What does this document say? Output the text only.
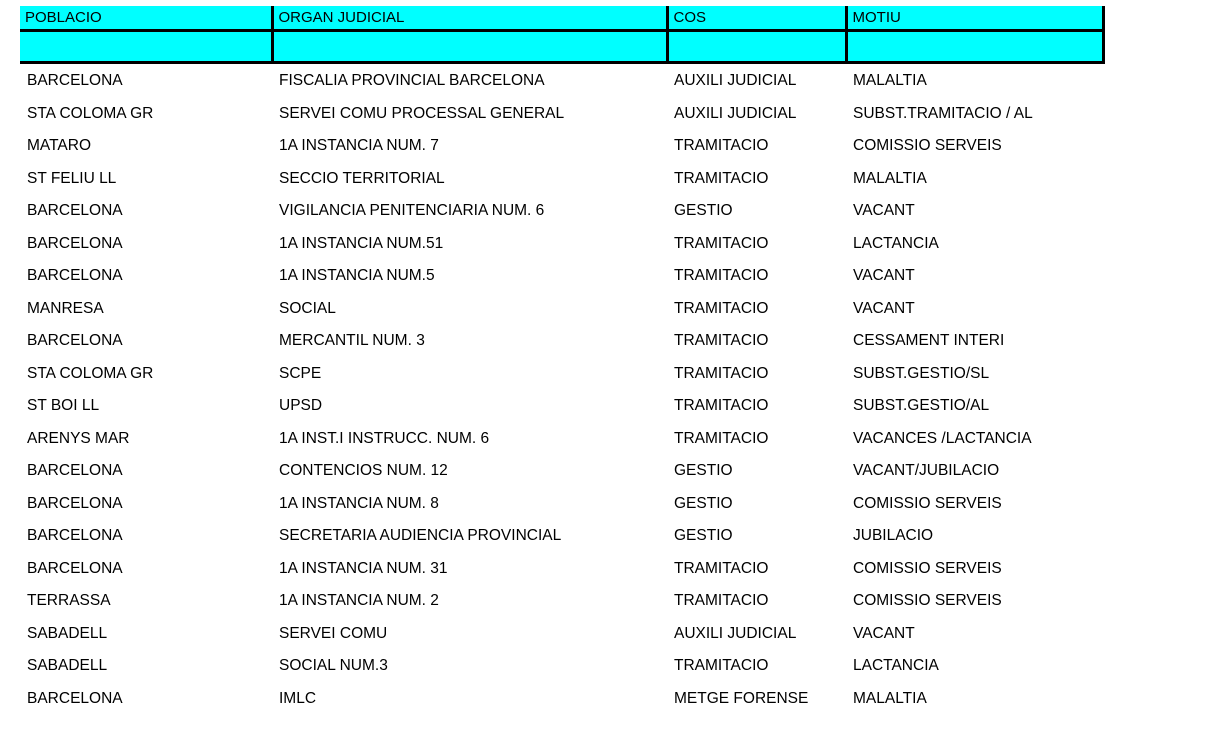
POBLACIO	ORGAN JUDICIAL	COS	MOTIU

BARCELONA	FISCALIA PROVINCIAL BARCELONA	AUXILI JUDICIAL	MALALTIA
STA COLOMA GR	SERVEI COMU PROCESSAL GENERAL	AUXILI JUDICIAL	SUBST.TRAMITACIO / AL
MATARO	1A INSTANCIA NUM. 7	TRAMITACIO	COMISSIO SERVEIS
ST FELIU LL	SECCIO TERRITORIAL	TRAMITACIO	MALALTIA
BARCELONA	VIGILANCIA PENITENCIARIA NUM. 6	GESTIO	VACANT
BARCELONA	1A INSTANCIA NUM.51	TRAMITACIO	LACTANCIA
BARCELONA	1A INSTANCIA NUM.5	TRAMITACIO	VACANT
MANRESA	SOCIAL	TRAMITACIO	VACANT
BARCELONA	MERCANTIL NUM. 3	TRAMITACIO	CESSAMENT INTERI
STA COLOMA GR	SCPE	TRAMITACIO	SUBST.GESTIO/SL
ST BOI LL	UPSD	TRAMITACIO	SUBST.GESTIO/AL
ARENYS MAR	1A INST.I INSTRUCC. NUM. 6	TRAMITACIO	VACANCES /LACTANCIA
BARCELONA	CONTENCIOS NUM. 12	GESTIO	VACANT/JUBILACIO
BARCELONA	1A INSTANCIA NUM. 8	GESTIO	COMISSIO SERVEIS
BARCELONA	SECRETARIA AUDIENCIA PROVINCIAL	GESTIO	JUBILACIO
BARCELONA	1A INSTANCIA NUM. 31	TRAMITACIO	COMISSIO SERVEIS
TERRASSA	1A INSTANCIA NUM. 2	TRAMITACIO	COMISSIO SERVEIS
SABADELL	SERVEI COMU	AUXILI JUDICIAL	VACANT
SABADELL	SOCIAL NUM.3	TRAMITACIO	LACTANCIA
BARCELONA	IMLC	METGE FORENSE	MALALTIA
